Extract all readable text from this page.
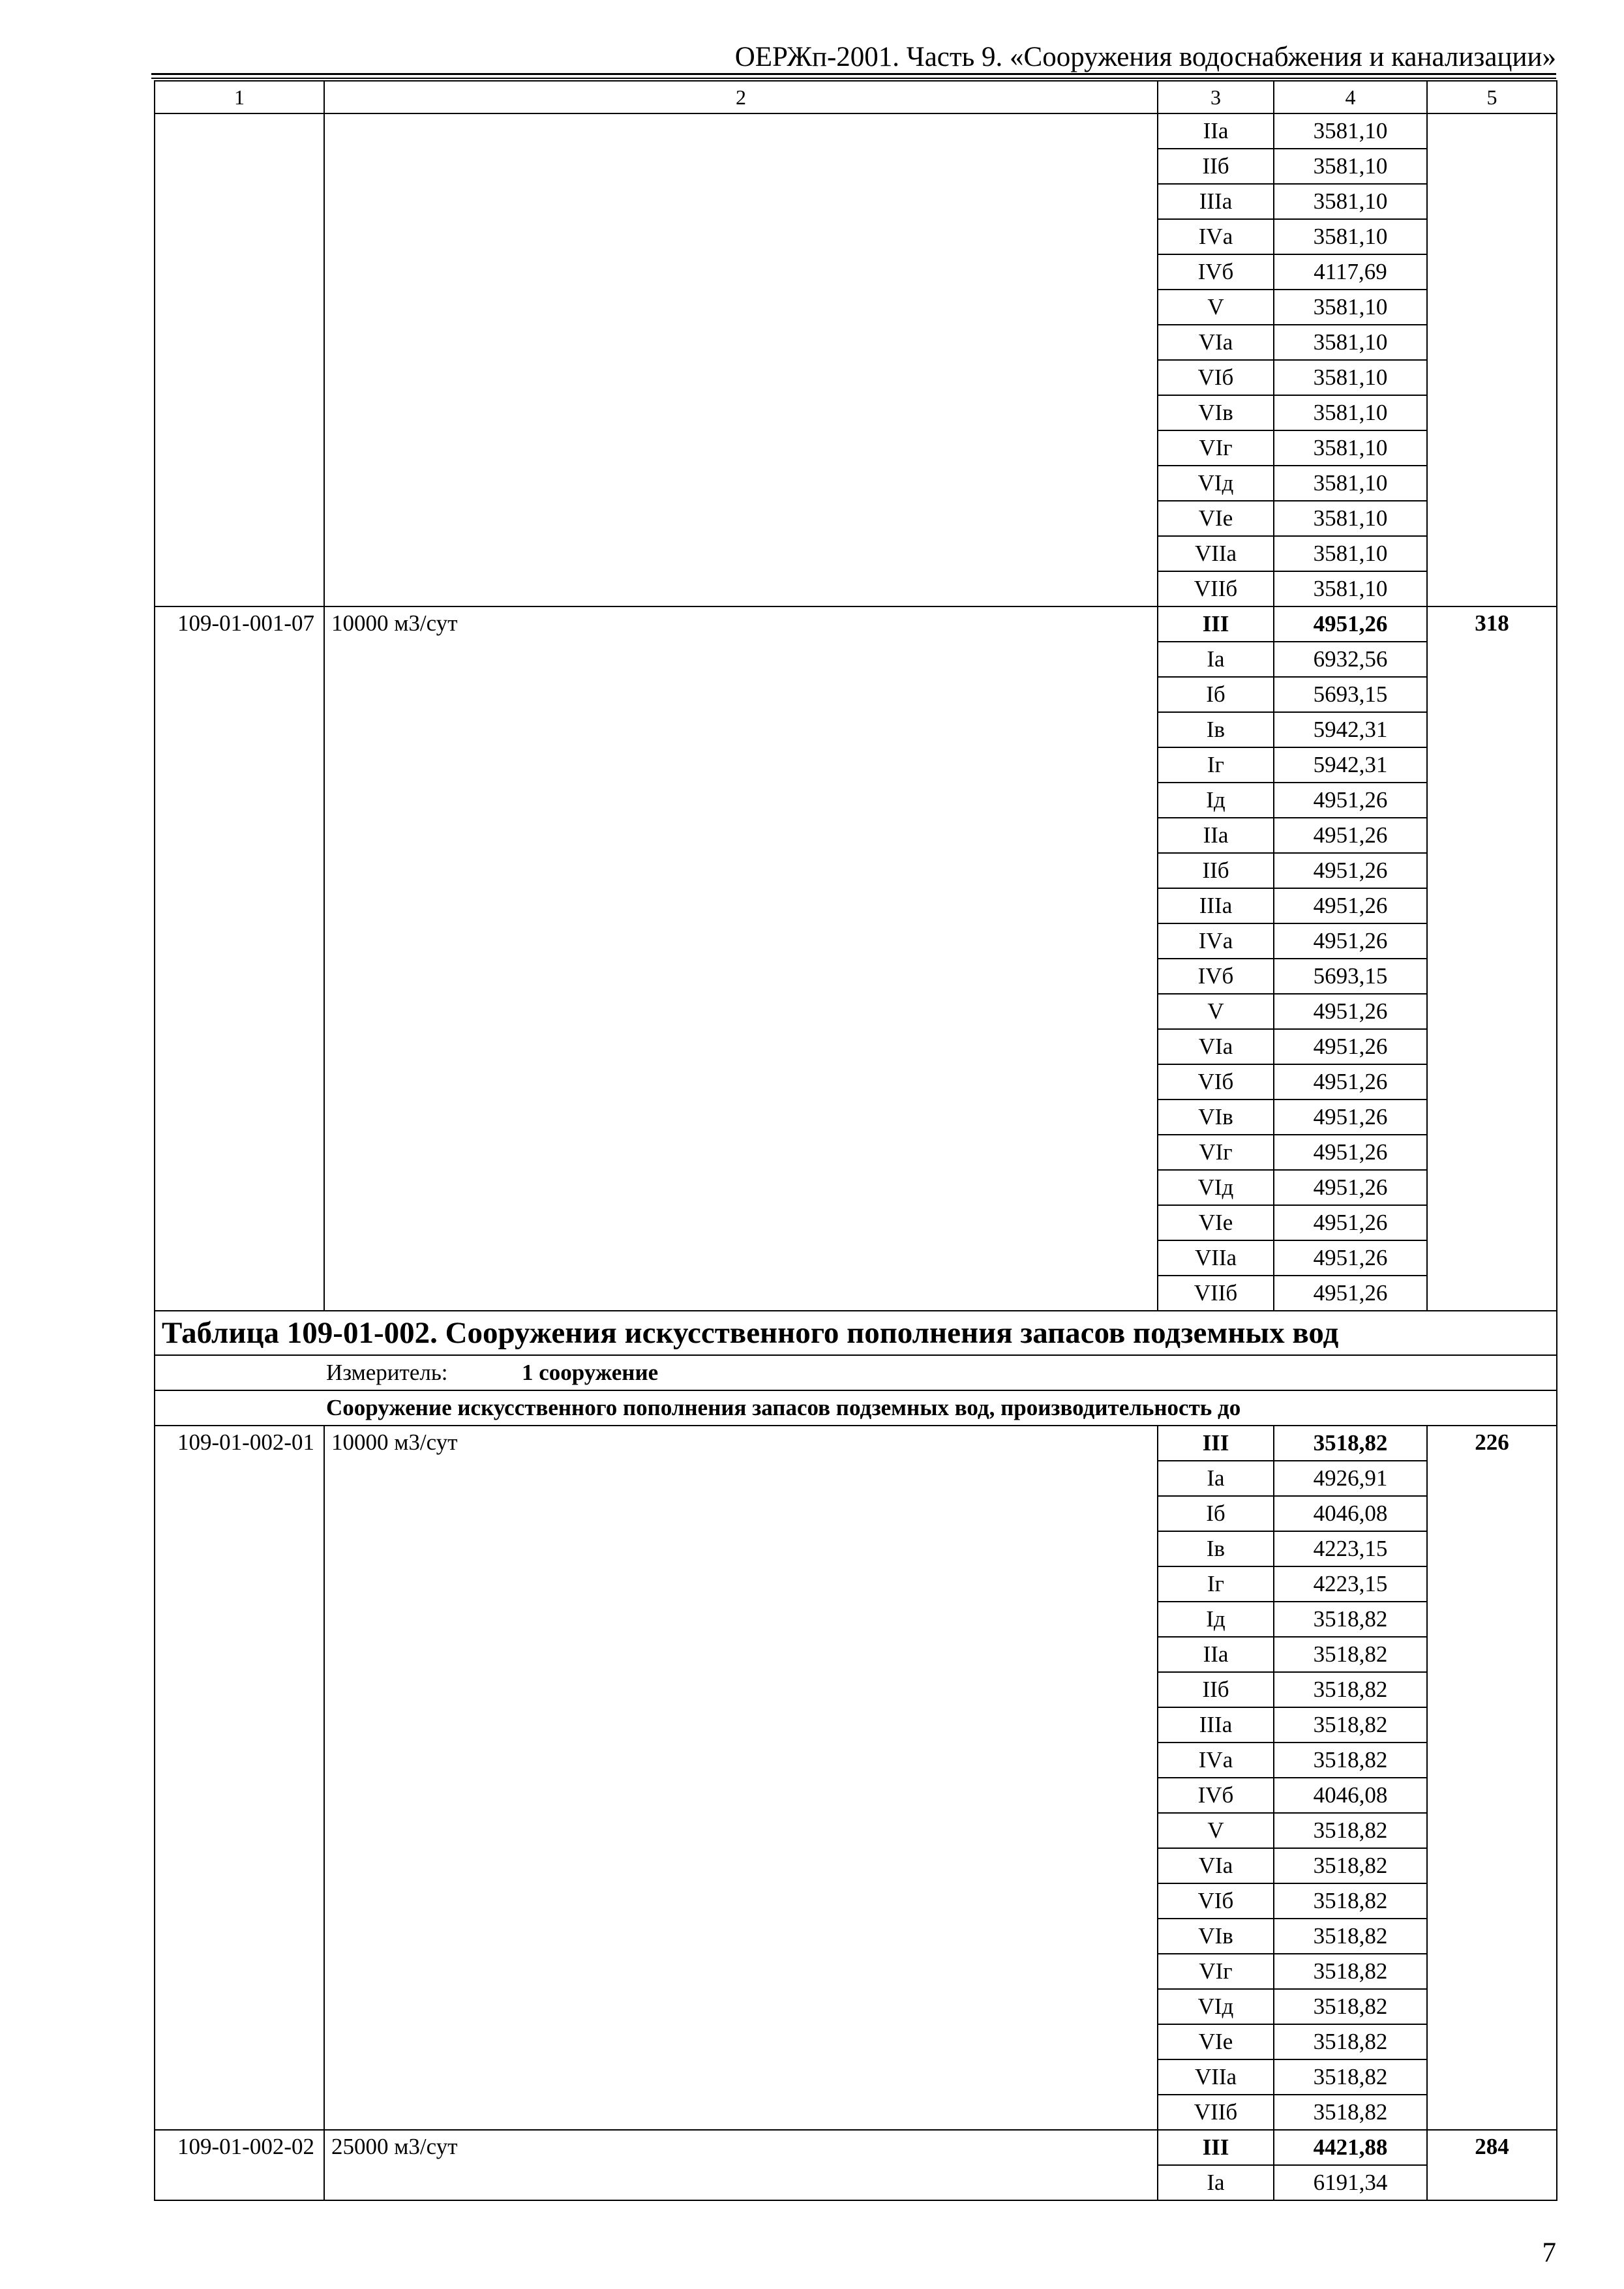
ОЕРЖп-2001. Часть 9. «Сооружения водоснабжения и канализации»
1	2	3	4	5
		IIа	3581,10	
		IIб	3581,10	
		IIIа	3581,10	
		IVа	3581,10	
		IVб	4117,69	
		V	3581,10	
		VIа	3581,10	
		VIб	3581,10	
		VIв	3581,10	
		VIг	3581,10	
		VIд	3581,10	
		VIе	3581,10	
		VIIа	3581,10	
		VIIб	3581,10	
109-01-001-07	10000 м3/сут	III	4951,26	318
		Iа	6932,56	
		Iб	5693,15	
		Iв	5942,31	
		Iг	5942,31	
		Iд	4951,26	
		IIа	4951,26	
		IIб	4951,26	
		IIIа	4951,26	
		IVа	4951,26	
		IVб	5693,15	
		V	4951,26	
		VIа	4951,26	
		VIб	4951,26	
		VIв	4951,26	
		VIг	4951,26	
		VIд	4951,26	
		VIе	4951,26	
		VIIа	4951,26	
		VIIб	4951,26	
Таблица 109-01-002. Сооружения искусственного пополнения запасов подземных вод				
Измеритель: 1 сооружение				
Сооружение искусственного пополнения запасов подземных вод, производительность до				
109-01-002-01	10000 м3/сут	III	3518,82	226
		Iа	4926,91	
		Iб	4046,08	
		Iв	4223,15	
		Iг	4223,15	
		Iд	3518,82	
		IIа	3518,82	
		IIб	3518,82	
		IIIа	3518,82	
		IVа	3518,82	
		IVб	4046,08	
		V	3518,82	
		VIа	3518,82	
		VIб	3518,82	
		VIв	3518,82	
		VIг	3518,82	
		VIд	3518,82	
		VIе	3518,82	
		VIIа	3518,82	
		VIIб	3518,82	
109-01-002-02	25000 м3/сут	III	4421,88	284
		Iа	6191,34	
7
